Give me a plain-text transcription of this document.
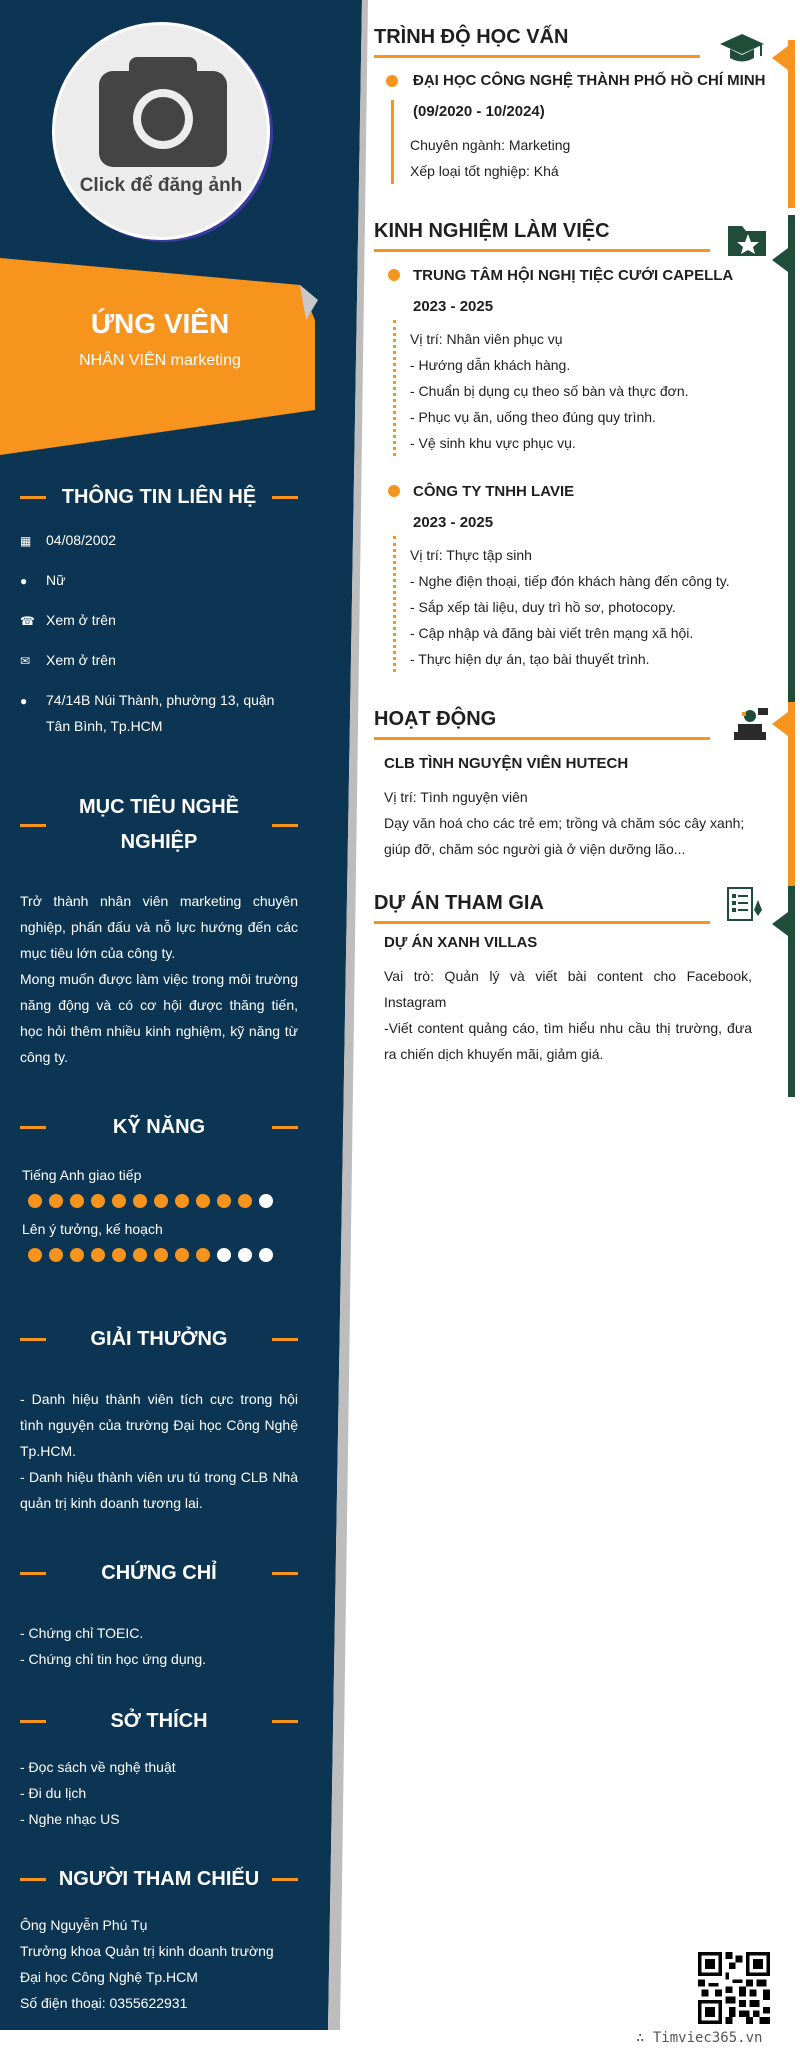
Click để đăng ảnh
ỨNG VIÊN
NHÂN VIÊN marketing
THÔNG TIN LIÊN HỆ
▦	04/08/2002
●	Nữ
☎ Xem ở trên
✉	Xem ở trên
●	74/14B Núi Thành, phường 13, quận Tân Bình, Tp.HCM
MỤC TIÊU NGHỀ
NGHIỆP

Trở thành nhân viên marketing chuyên nghiệp, phấn đấu và nỗ lực hướng đến các mục tiêu lớn của công ty.

Mong muốn được làm việc trong môi trường năng động và có cơ hội được thăng tiến, học hỏi thêm nhiều kinh nghiệm, kỹ năng từ công ty.

KỸ NĂNG
Tiếng Anh giao tiếp
Lên ý tưởng, kế hoạch
GIẢI THƯỞNG

- Danh hiệu thành viên tích cực trong hội tình nguyện của trường Đại học Công Nghệ Tp.HCM.

- Danh hiệu thành viên ưu tú trong CLB Nhà quản trị kinh doanh tương lai.

CHỨNG CHỈ

- Chứng chỉ TOEIC.

- Chứng chỉ tin học ứng dụng.

SỞ THÍCH

- Đọc sách về nghệ thuật

- Đi du lịch

- Nghe nhạc US

NGƯỜI THAM CHIẾU

Ông Nguyễn Phú Tụ

Trưởng khoa Quản trị kinh doanh trường Đại học Công Nghệ Tp.HCM

Số điện thoại: 0355622931

TRÌNH ĐỘ HỌC VẤN
ĐẠI HỌC CÔNG NGHỆ THÀNH PHỐ HỒ CHÍ MINH
(09/2020 - 10/2024)

Chuyên ngành: Marketing

Xếp loại tốt nghiệp: Khá

KINH NGHIỆM LÀM VIỆC
TRUNG TÂM HỘI NGHỊ TIỆC CƯỚI CAPELLA
2023 - 2025

Vị trí: Nhân viên phục vụ

- Hướng dẫn khách hàng.

- Chuẩn bị dụng cụ theo số bàn và thực đơn.

- Phục vụ ăn, uống theo đúng quy trình.

- Vệ sinh khu vực phục vụ.

CÔNG TY TNHH LAVIE
2023 - 2025

Vị trí: Thực tập sinh

- Nghe điện thoại, tiếp đón khách hàng đến công ty.

- Sắp xếp tài liệu, duy trì hồ sơ, photocopy.

- Cập nhập và đăng bài viết trên mạng xã hội.

- Thực hiện dự án, tạo bài thuyết trình.

HOẠT ĐỘNG
CLB TÌNH NGUYỆN VIÊN HUTECH

Vị trí: Tình nguyện viên

Dạy văn hoá cho các trẻ em; trồng và chăm sóc cây xanh; giúp đỡ, chăm sóc người già ở viện dưỡng lão...

DỰ ÁN THAM GIA
DỰ ÁN XANH VILLAS

Vai trò: Quản lý và viết bài content cho Facebook, Instagram

-Viết content quảng cáo, tìm hiểu nhu cầu thị trường, đưa ra chiến dịch khuyến mãi, giảm giá.

∴ Timviec365.vn
